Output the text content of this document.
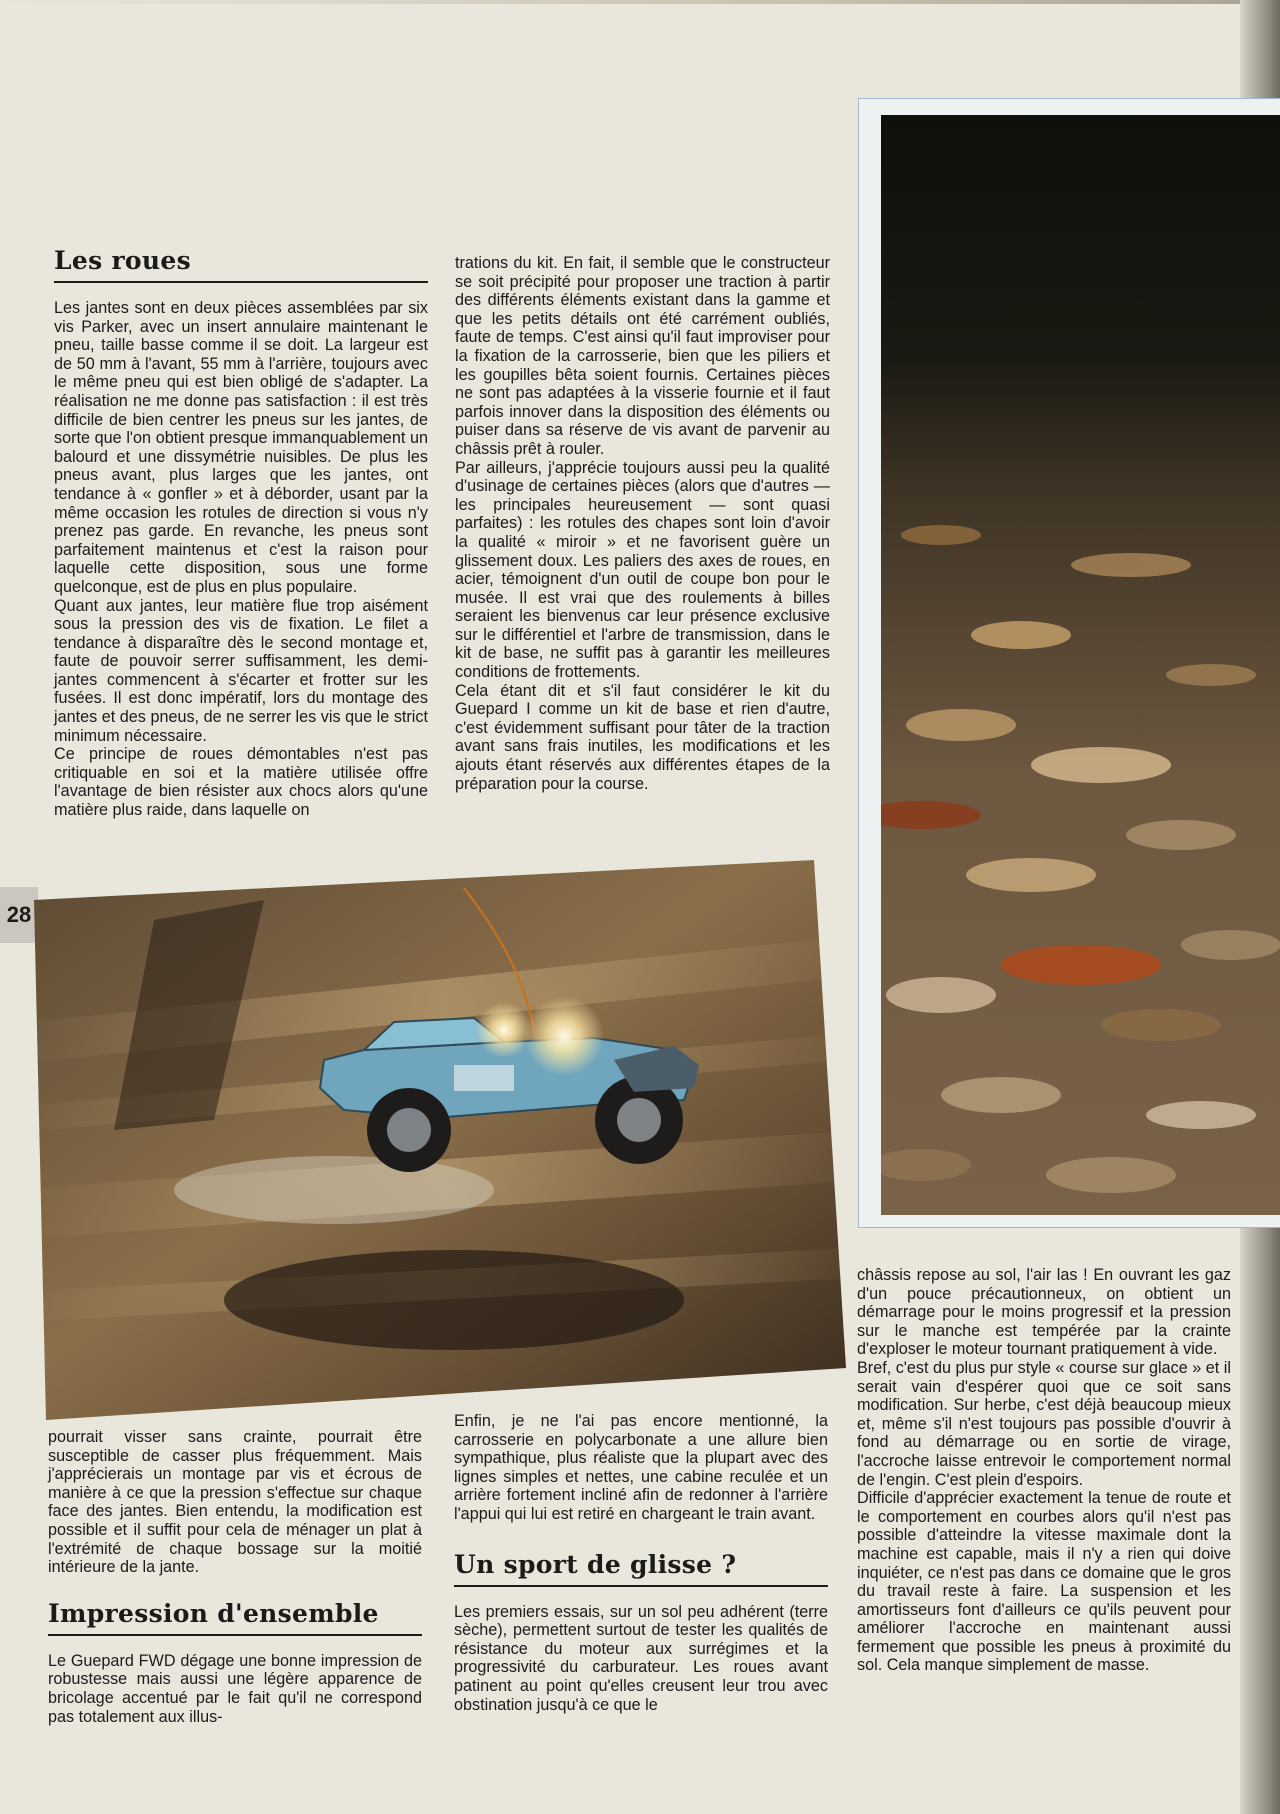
Les roues

Les jantes sont en deux pièces assemblées par six vis Parker, avec un insert annulaire maintenant le pneu, taille basse comme il se doit. La largeur est de 50 mm à l'avant, 55 mm à l'arrière, toujours avec le même pneu qui est bien obligé de s'adapter. La réalisation ne me donne pas satisfaction : il est très difficile de bien centrer les pneus sur les jantes, de sorte que l'on obtient presque immanquablement un balourd et une dissymétrie nuisibles. De plus les pneus avant, plus larges que les jantes, ont tendance à « gonfler » et à déborder, usant par la même occasion les rotules de direction si vous n'y prenez pas garde. En revanche, les pneus sont parfaitement maintenus et c'est la raison pour laquelle cette disposition, sous une forme quelconque, est de plus en plus populaire.
Quant aux jantes, leur matière flue trop aisément sous la pression des vis de fixation. Le filet a tendance à disparaître dès le second montage et, faute de pouvoir serrer suffisamment, les demi-jantes commencent à s'écarter et frotter sur les fusées. Il est donc impératif, lors du montage des jantes et des pneus, de ne serrer les vis que le strict minimum nécessaire.
Ce principe de roues démontables n'est pas critiquable en soi et la matière utilisée offre l'avantage de bien résister aux chocs alors qu'une matière plus raide, dans laquelle on

trations du kit. En fait, il semble que le constructeur se soit précipité pour proposer une traction à partir des différents éléments existant dans la gamme et que les petits détails ont été carrément oubliés, faute de temps. C'est ainsi qu'il faut improviser pour la fixation de la carrosserie, bien que les piliers et les goupilles bêta soient fournis. Certaines pièces ne sont pas adaptées à la visserie fournie et il faut parfois innover dans la disposition des éléments ou puiser dans sa réserve de vis avant de parvenir au châssis prêt à rouler.
Par ailleurs, j'apprécie toujours aussi peu la qualité d'usinage de certaines pièces (alors que d'autres — les principales heureusement — sont quasi parfaites) : les rotules des chapes sont loin d'avoir la qualité « miroir » et ne favorisent guère un glissement doux. Les paliers des axes de roues, en acier, témoignent d'un outil de coupe bon pour le musée. Il est vrai que des roulements à billes seraient les bienvenus car leur présence exclusive sur le différentiel et l'arbre de transmission, dans le kit de base, ne suffit pas à garantir les meilleures conditions de frottements.
Cela étant dit et s'il faut considérer le kit du Guepard I comme un kit de base et rien d'autre, c'est évidemment suffisant pour tâter de la traction avant sans frais inutiles, les modifications et les ajouts étant réservés aux différentes étapes de la préparation pour la course.

28

pourrait visser sans crainte, pourrait être susceptible de casser plus fréquemment. Mais j'apprécierais un montage par vis et écrous de manière à ce que la pression s'effectue sur chaque face des jantes. Bien entendu, la modification est possible et il suffit pour cela de ménager un plat à l'extrémité de chaque bossage sur la moitié intérieure de la jante.

Impression d'ensemble

Le Guepard FWD dégage une bonne impression de robustesse mais aussi une légère apparence de bricolage accentué par le fait qu'il ne correspond pas totalement aux illus-

Enfin, je ne l'ai pas encore mentionné, la carrosserie en polycarbonate a une allure bien sympathique, plus réaliste que la plupart avec des lignes simples et nettes, une cabine reculée et un arrière fortement incliné afin de redonner à l'arrière l'appui qui lui est retiré en chargeant le train avant.

Un sport de glisse ?

Les premiers essais, sur un sol peu adhérent (terre sèche), permettent surtout de tester les qualités de résistance du moteur aux surrégimes et la progressivité du carburateur. Les roues avant patinent au point qu'elles creusent leur trou avec obstination jusqu'à ce que le

châssis repose au sol, l'air las ! En ouvrant les gaz d'un pouce précautionneux, on obtient un démarrage pour le moins progressif et la pression sur le manche est tempérée par la crainte d'exploser le moteur tournant pratiquement à vide.
Bref, c'est du plus pur style « course sur glace » et il serait vain d'espérer quoi que ce soit sans modification. Sur herbe, c'est déjà beaucoup mieux et, même s'il n'est toujours pas possible d'ouvrir à fond au démarrage ou en sortie de virage, l'accroche laisse entrevoir le comportement normal de l'engin. C'est plein d'espoirs.
Difficile d'apprécier exactement la tenue de route et le comportement en courbes alors qu'il n'est pas possible d'atteindre la vitesse maximale dont la machine est capable, mais il n'y a rien qui doive inquiéter, ce n'est pas dans ce domaine que le gros du travail reste à faire. La suspension et les amortisseurs font d'ailleurs ce qu'ils peuvent pour améliorer l'accroche en maintenant aussi fermement que possible les pneus à proximité du sol. Cela manque simplement de masse.
